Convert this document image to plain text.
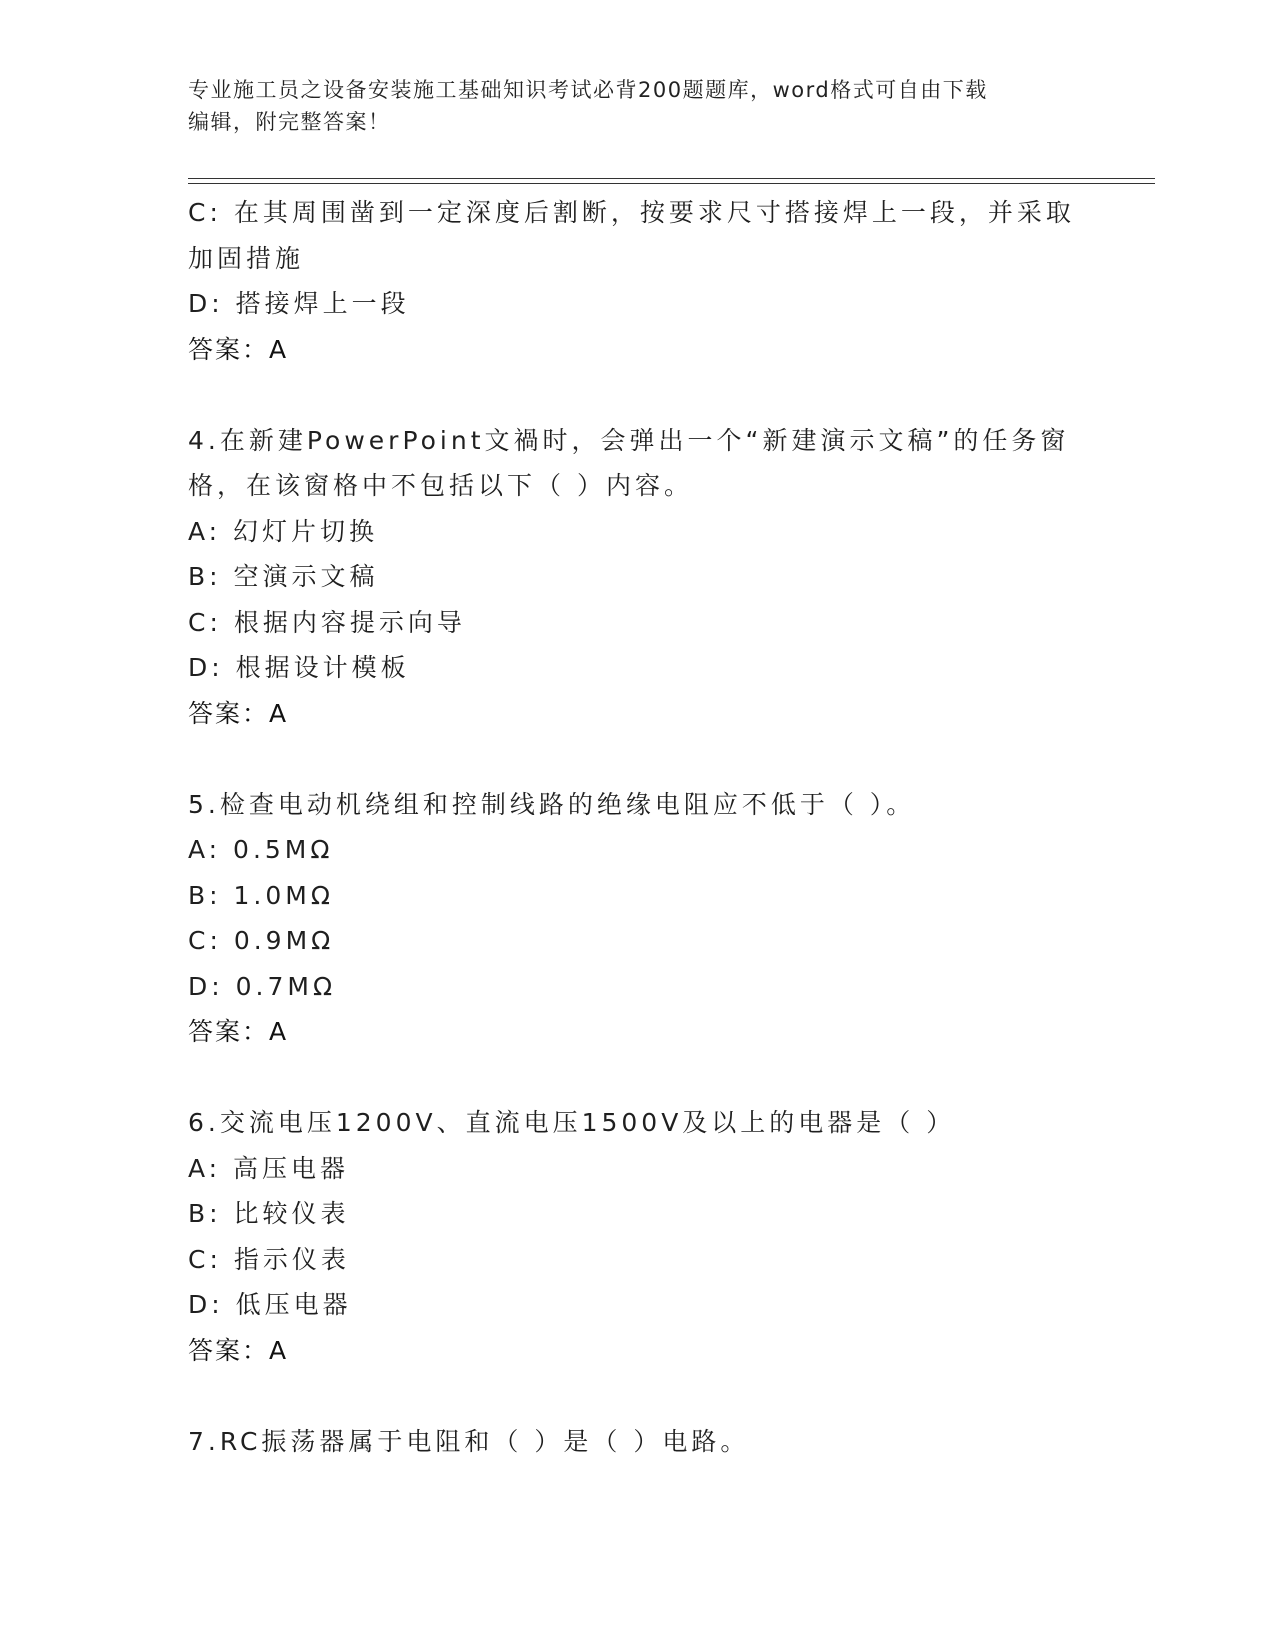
专业施工员之设备安装施工基础知识考试必背200题题库，word格式可自由下载
编辑，附完整答案！
C: 在其周围凿到一定深度后割断，按要求尺寸搭接焊上一段，并采取
加固措施
D: 搭接焊上一段
答案：A
4.在新建PowerPoint文禍时，会弹出一个“新建演示文稿”的任务窗
格，在该窗格中不包括以下（ ）内容。
A: 幻灯片切换
B: 空演示文稿
C: 根据内容提示向导
D: 根据设计模板
答案：A
5.检查电动机绕组和控制线路的绝缘电阻应不低于（ ）。
A: 0.5MΩ
B: 1.0MΩ
C: 0.9MΩ
D: 0.7MΩ
答案：A
6.交流电压1200V、直流电压1500V及以上的电器是（ ）
A: 高压电器
B: 比较仪表
C: 指示仪表
D: 低压电器
答案：A
7.RC振荡器属于电阻和（ ）是（ ）电路。
